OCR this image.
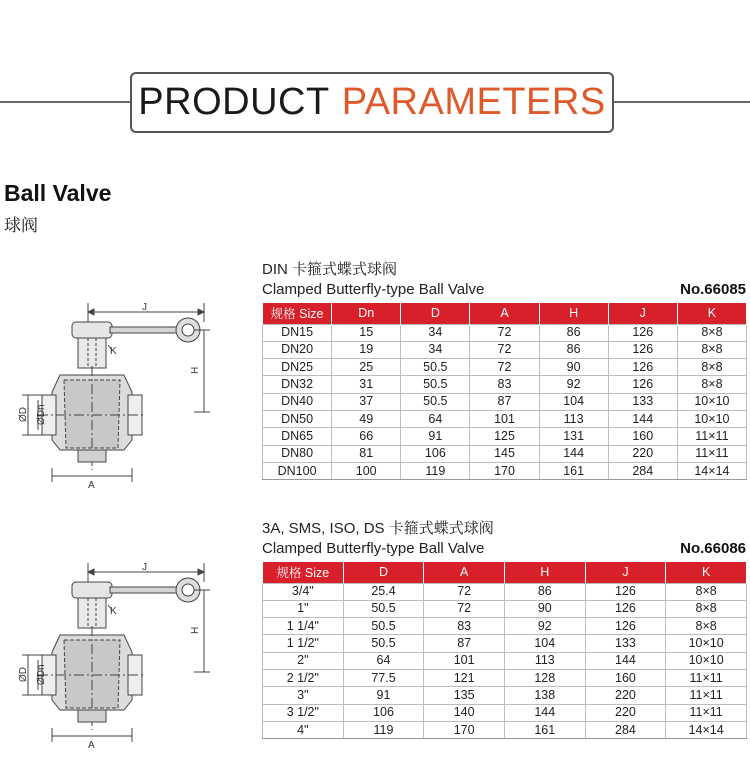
PRODUCT PARAMETERS
Ball Valve
球阀
J
K
H
ØD ØDn
A
DIN 卡箍式蝶式球阀
Clamped Butterfly-type Ball Valve	No.66085
规格 Size	Dn	D	A	H	J	K
DN15	15	34	72	86	126	8×8
DN20	19	34	72	86	126	8×8
DN25	25	50.5	72	90	126	8×8
DN32	31	50.5	83	92	126	8×8
DN40	37	50.5	87	104	133	10×10
DN50	49	64	101	113	144	10×10
DN65	66	91	125	131	160	11×11
DN80	81	106	145	144	220	11×11
DN100	100	119	170	161	284	14×14
J
K
H
ØD ØDn
A
3A, SMS, ISO, DS 卡箍式蝶式球阀
Clamped Butterfly-type Ball Valve	No.66086
规格 Size	D	A	H	J	K
3/4"	25.4	72	86	126	8×8
1"	50.5	72	90	126	8×8
1 1/4"	50.5	83	92	126	8×8
1 1/2"	50.5	87	104	133	10×10
2"	64	101	113	144	10×10
2 1/2"	77.5	121	128	160	11×11
3"	91	135	138	220	11×11
3 1/2"	106	140	144	220	11×11
4"	119	170	161	284	14×14
